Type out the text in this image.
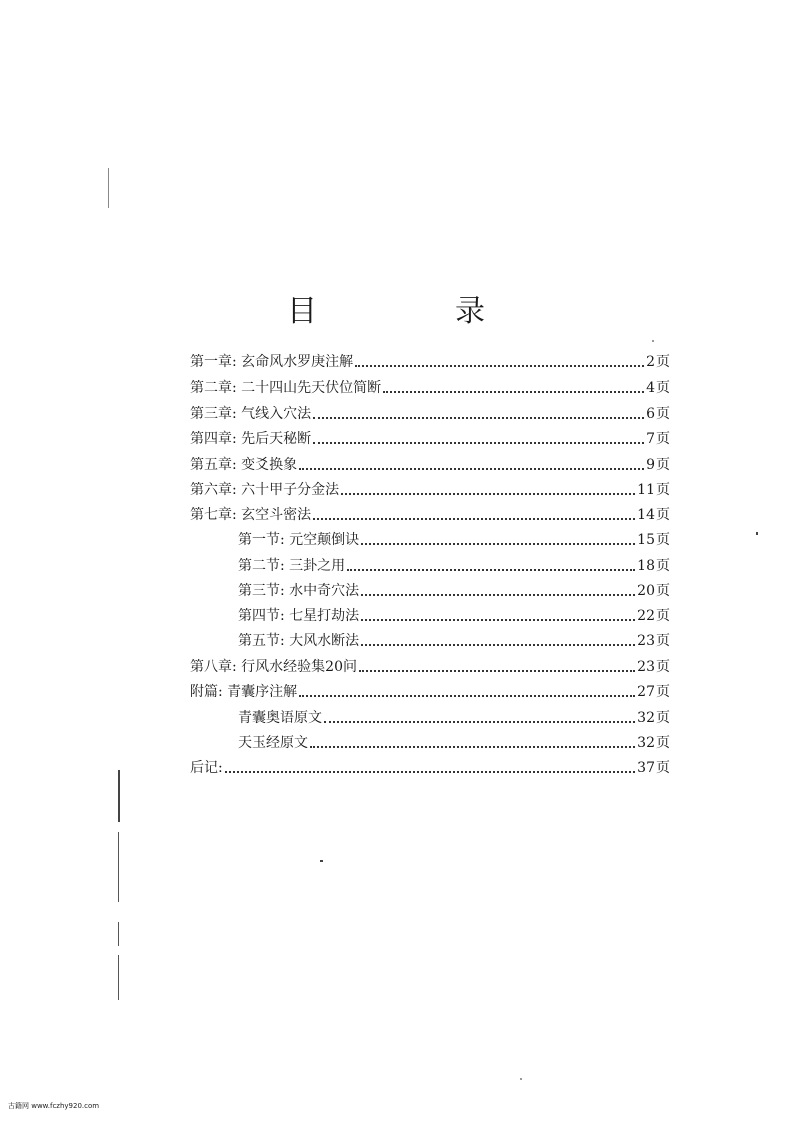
目　录
第一章: 玄命风水罗庚注解	2 页
第二章: 二十四山先天伏位简断	4 页
第三章: 气线入穴法	6 页
第四章: 先后天秘断	7 页
第五章: 变爻换象	9 页
第六章: 六十甲子分金法	11 页
第七章: 玄空斗密法	14 页
第一节: 元空颠倒诀	15 页
第二节: 三卦之用	18 页
第三节: 水中奇穴法	20 页
第四节: 七星打劫法	22 页
第五节: 大风水断法	23 页
第八章: 行风水经验集20问	23 页
附篇: 青囊序注解	27 页
青囊奥语原文	32 页
天玉经原文	32 页
后记:	37 页
古籍网 www.fczhy920.com
